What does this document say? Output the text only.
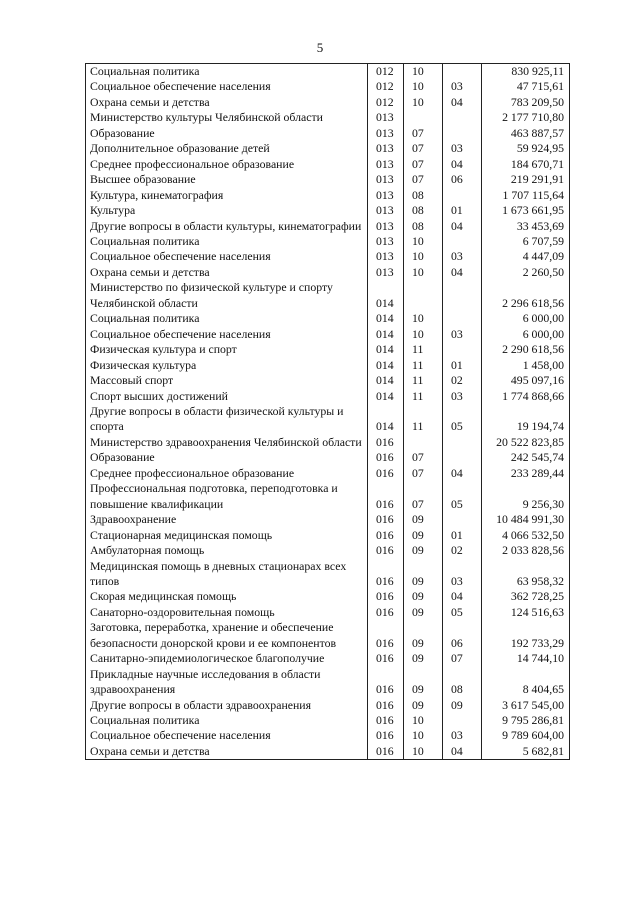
5
Социальная политика	012	10		830 925,11
Социальное обеспечение населения	012	10	03	47 715,61
Охрана семьи и детства	012	10	04	783 209,50
Министерство культуры Челябинской области	013			2 177 710,80
Образование	013	07		463 887,57
Дополнительное образование детей	013	07	03	59 924,95
Среднее профессиональное образование	013	07	04	184 670,71
Высшее образование	013	07	06	219 291,91
Культура, кинематография	013	08		1 707 115,64
Культура	013	08	01	1 673 661,95
Другие вопросы в области культуры, кинематографии	013	08	04	33 453,69
Социальная политика	013	10		6 707,59
Социальное обеспечение населения	013	10	03	4 447,09
Охрана семьи и детства	013	10	04	2 260,50
Министерство по физической культуре и спорту Челябинской области	014			2 296 618,56
Социальная политика	014	10		6 000,00
Социальное обеспечение населения	014	10	03	6 000,00
Физическая культура и спорт	014	11		2 290 618,56
Физическая культура	014	11	01	1 458,00
Массовый спорт	014	11	02	495 097,16
Спорт высших достижений	014	11	03	1 774 868,66
Другие вопросы в области физической культуры и спорта	014	11	05	19 194,74
Министерство здравоохранения Челябинской области	016			20 522 823,85
Образование	016	07		242 545,74
Среднее профессиональное образование	016	07	04	233 289,44
Профессиональная подготовка, переподготовка и повышение квалификации	016	07	05	9 256,30
Здравоохранение	016	09		10 484 991,30
Стационарная медицинская помощь	016	09	01	4 066 532,50
Амбулаторная помощь	016	09	02	2 033 828,56
Медицинская помощь в дневных стационарах всех типов	016	09	03	63 958,32
Скорая медицинская помощь	016	09	04	362 728,25
Санаторно-оздоровительная помощь	016	09	05	124 516,63
Заготовка, переработка, хранение и обеспечение безопасности донорской крови и ее компонентов	016	09	06	192 733,29
Санитарно-эпидемиологическое благополучие	016	09	07	14 744,10
Прикладные научные исследования в области здравоохранения	016	09	08	8 404,65
Другие вопросы в области здравоохранения	016	09	09	3 617 545,00
Социальная политика	016	10		9 795 286,81
Социальное обеспечение населения	016	10	03	9 789 604,00
Охрана семьи и детства	016	10	04	5 682,81
